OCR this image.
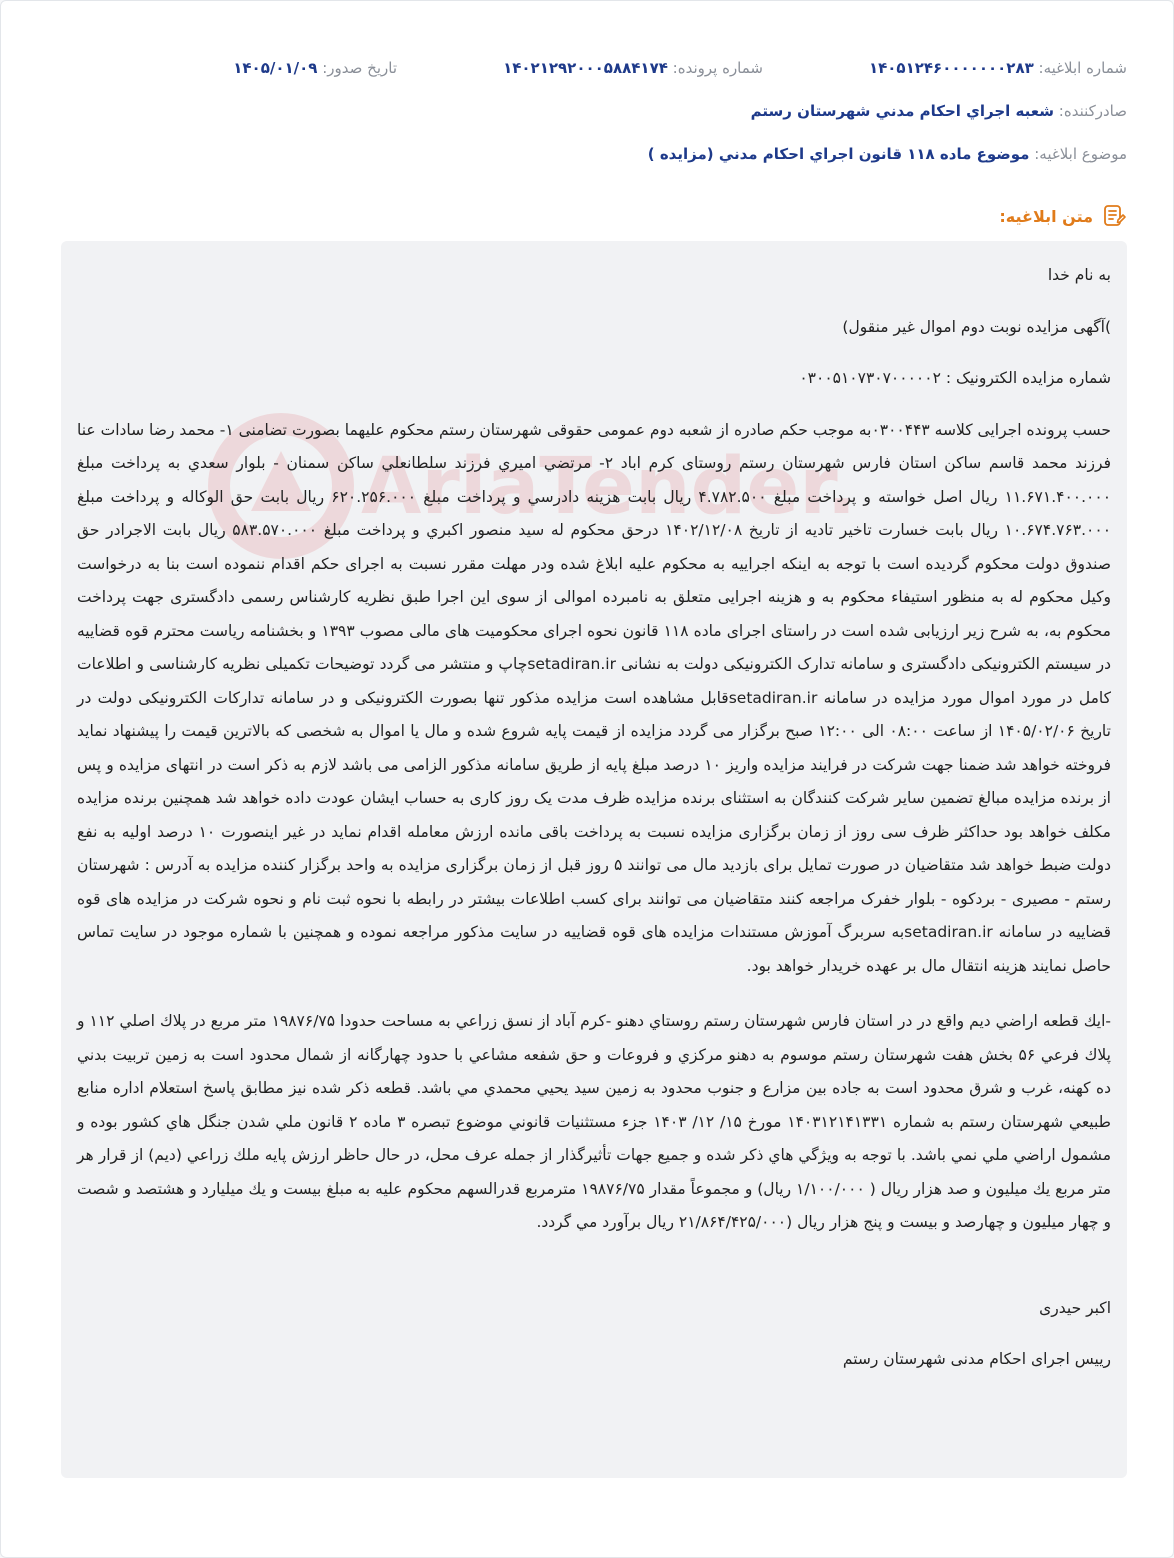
شماره ابلاغیه: ۱۴۰۵۱۲۴۶۰۰۰۰۰۰۰۲۸۳
شماره پرونده: ۱۴۰۲۱۲۹۲۰۰۰۵۸۸۴۱۷۴
تاریخ صدور: ۱۴۰۵/۰۱/۰۹
صادرکننده: شعبه اجراي احكام مدني شهرستان رستم
موضوع ابلاغیه: موضوع ماده ۱۱۸ قانون اجراي احكام مدني (مزايده )
متن ابلاغیه:
AriaTender

به نام خدا

)آگهی مزایده نوبت دوم اموال غیر منقول)

شماره مزایده الکترونیک : ۰۳۰۰۵۱۰۷۳۰۷۰۰۰۰۰۲

حسب پرونده اجرایی کلاسه ۰۳۰۰۴۴۳به موجب حکم صادره از شعبه دوم عمومی حقوقی شهرستان رستم محکوم علیهما بصورت تضامنی ۱- محمد رضا سادات عنا فرزند محمد قاسم ساکن استان فارس شهرستان رستم روستای کرم اباد ۲- مرتضي اميري فرزند سلطانعلي ساكن سمنان - بلوار سعدي به پرداخت مبلغ ۱۱.۶۷۱.۴۰۰.۰۰۰ ريال اصل خواسته و پرداخت مبلغ ۴.۷۸۲.۵۰۰ ريال بابت هزينه دادرسي و پرداخت مبلغ ۶۲۰.۲۵۶.۰۰۰ ريال بابت حق الوكاله و پرداخت مبلغ ۱۰.۶۷۴.۷۶۳.۰۰۰ ريال بابت خسارت تاخير تاديه از تاريخ ۱۴۰۲/۱۲/۰۸ درحق محکوم له سید منصور اکبري و پرداخت مبلغ ۵۸۳.۵۷۰.۰۰۰ ریال بابت الاجرادر حق صندوق دولت محکوم گردیده است با توجه به اینکه اجراییه به محکوم علیه ابلاغ شده ودر مهلت مقرر نسبت به اجرای حکم اقدام ننموده است بنا به درخواست وکیل محکوم له به منظور استیفاء محکوم به و هزینه اجرایی متعلق به نامبرده اموالی از سوی این اجرا طبق نظریه کارشناس رسمی دادگستری جهت پرداخت محکوم به، به شرح زیر ارزیابی شده است در راستای اجرای ماده ۱۱۸ قانون نحوه اجرای محکومیت های مالی مصوب ۱۳۹۳ و بخشنامه ریاست محترم قوه قضاییه در سیستم الکترونیکی دادگستری و سامانه تدارک الکترونیکی دولت به نشانی setadiran.irچاپ و منتشر می گردد توضیحات تکمیلی نظریه کارشناسی و اطلاعات کامل در مورد اموال مورد مزایده در سامانه setadiran.irقابل مشاهده است مزایده مذکور تنها بصورت الکترونیکی و در سامانه تدارکات الکترونیکی دولت در تاریخ ۱۴۰۵/۰۲/۰۶ از ساعت ۰۸:۰۰ الی ۱۲:۰۰ صبح برگزار می گردد مزایده از قیمت پایه شروع شده و مال یا اموال به شخصی که بالاترین قیمت را پیشنهاد نماید فروخته خواهد شد ضمنا جهت شرکت در فرایند مزایده واریز ۱۰ درصد مبلغ پایه از طریق سامانه مذکور الزامی می باشد لازم به ذکر است در انتهای مزایده و پس از برنده مزایده مبالغ تضمین سایر شرکت کنندگان به استثنای برنده مزایده ظرف مدت یک روز کاری به حساب ایشان عودت داده خواهد شد همچنین برنده مزایده مکلف خواهد بود حداکثر ظرف سی روز از زمان برگزاری مزایده نسبت به پرداخت باقی مانده ارزش معامله اقدام نماید در غیر اینصورت ۱۰ درصد اولیه به نفع دولت ضبط خواهد شد متقاضیان در صورت تمایل برای بازدید مال می توانند ۵ روز قبل از زمان برگزاری مزایده به واحد برگزار کننده مزایده به آدرس : شهرستان رستم - مصیری - بردکوه - بلوار خفرک مراجعه کنند متقاضیان می توانند برای کسب اطلاعات بیشتر در رابطه با نحوه ثبت نام و نحوه شرکت در مزایده های قوه قضاییه در سامانه setadiran.irبه سربرگ آموزش مستندات مزایده های قوه قضاییه در سایت مذکور مراجعه نموده و همچنین با شماره موجود در سایت تماس حاصل نمایند هزینه انتقال مال بر عهده خریدار خواهد بود.

-ايك قطعه اراضي ديم واقع در در استان فارس شهرستان رستم روستاي دهنو -كرم آباد از نسق زراعي به مساحت حدودا ۱۹۸۷۶/۷۵ متر مربع در پلاك اصلي ۱۱۲ و پلاك فرعي ۵۶ بخش هفت شهرستان رستم موسوم به دهنو مركزي و فروعات و حق شفعه مشاعي با حدود چهارگانه از شمال محدود است به زمين تربيت بدني ده كهنه، غرب و شرق محدود است به جاده بين مزارع و جنوب محدود به زمين سيد يحيي محمدي مي باشد. قطعه ذكر شده نيز مطابق پاسخ استعلام اداره منابع طبيعي شهرستان رستم به شماره ۱۴۰۳۱۲۱۴۱۳۳۱ مورخ ۱۵/ ۱۲/ ۱۴۰۳ جزء مستثنيات قانوني موضوع تبصره ۳ ماده ۲ قانون ملي شدن جنگل هاي كشور بوده و مشمول اراضي ملي نمي باشد. با توجه به ويژگي هاي ذكر شده و جميع جهات تأثيرگذار از جمله عرف محل، در حال حاظر ارزش پايه ملك زراعي (ديم) از قرار هر متر مربع يك ميليون و صد هزار ريال ( ۱/۱۰۰/۰۰۰ ريال) و مجموعاً مقدار ۱۹۸۷۶/۷۵ مترمربع قدرالسهم محكوم عليه به مبلغ بيست و يك ميليارد و هشتصد و شصت و چهار ميليون و چهارصد و بيست و پنج هزار ريال (۲۱/۸۶۴/۴۲۵/۰۰۰ ريال برآورد مي گردد.

اکبر حیدری

رییس اجرای احکام مدنی شهرستان رستم
